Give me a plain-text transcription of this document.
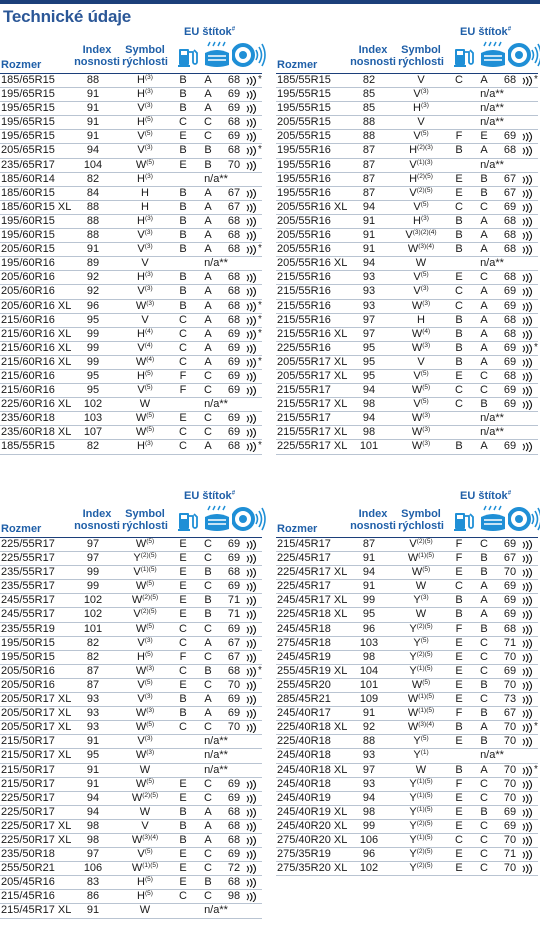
Technické údaje
EU štítok#
Rozmer
Index
nosnosti
Symbol
rýchlosti
185/65R15	88	$H^{(3)}$	B	A	68	*
195/65R15	91	$H^{(3)}$	B	A	69
195/65R15	91	$V^{(3)}$	B	A	69
195/65R15	91	$H^{(5)}$	C	C	68
195/65R15	91	$V^{(5)}$	E	C	69
205/65R15	94	$V^{(3)}$	B	B	68	*
235/65R17	104	$W^{(5)}$	E	B	70
185/60R14	82	$H^{(3)}$	n/a**
185/60R15	84	H	B	A	67
185/60R15 XL	88	H	B	A	67
195/60R15	88	$H^{(3)}$	B	A	68
195/60R15	88	$V^{(3)}$	B	A	68
205/60R15	91	$V^{(3)}$	B	A	68	*
195/60R16	89	V	n/a**
205/60R16	92	$H^{(3)}$	B	A	68
205/60R16	92	$V^{(3)}$	B	A	68
205/60R16 XL	96	$W^{(3)}$	B	A	68	*
215/60R16	95	V	C	A	68	*
215/60R16 XL	99	$H^{(4)}$	C	A	69	*
215/60R16 XL	99	$V^{(4)}$	C	A	69
215/60R16 XL	99	$W^{(4)}$	C	A	69	*
215/60R16	95	$H^{(5)}$	F	C	69
215/60R16	95	$V^{(5)}$	F	C	69
225/60R16 XL	102	W	n/a**
235/60R18	103	$W^{(5)}$	E	C	69
235/60R18 XL	107	$W^{(5)}$	C	C	69
185/55R15	82	$H^{(3)}$	C	A	68	*
EU štítok#
Rozmer
Index
nosnosti
Symbol
rýchlosti
185/55R15	82	V	C	A	68	*
195/55R15	85	$V^{(3)}$	n/a**
195/55R15	85	$H^{(3)}$	n/a**
205/55R15	88	V	n/a**
205/55R15	88	$V^{(5)}$	F	E	69
195/55R16	87	$H^{(2)(3)}$	B	A	68
195/55R16	87	$V^{(1)(3)}$	n/a**
195/55R16	87	$H^{(2)(5)}$	E	B	67
195/55R16	87	$V^{(2)(5)}$	E	B	67
205/55R16 XL	94	$V^{(5)}$	C	C	69
205/55R16	91	$H^{(3)}$	B	A	68
205/55R16	91	$V^{(3)(2)(4)}$	B	A	68
205/55R16	91	$W^{(3)(4)}$	B	A	68
205/55R16 XL	94	W	n/a**
215/55R16	93	$V^{(5)}$	E	C	68
215/55R16	93	$V^{(3)}$	C	A	69
215/55R16	93	$W^{(3)}$	C	A	69
215/55R16	97	H	B	A	68
215/55R16 XL	97	$W^{(4)}$	B	A	68
225/55R16	95	$W^{(3)}$	B	A	69	*
205/55R17 XL	95	V	B	A	69
205/55R17 XL	95	$V^{(5)}$	E	C	68
215/55R17	94	$W^{(5)}$	C	C	69
215/55R17 XL	98	$V^{(5)}$	C	B	69
215/55R17	94	$W^{(3)}$	n/a**
215/55R17 XL	98	$W^{(3)}$	n/a**
225/55R17 XL	101	$W^{(3)}$	B	A	69
EU štítok#
Rozmer
Index
nosnosti
Symbol
rýchlosti
225/55R17	97	$W^{(5)}$	E	C	69
225/55R17	97	$Y^{(2)(5)}$	E	C	69
235/55R17	99	$V^{(1)(5)}$	E	B	68
235/55R17	99	$W^{(5)}$	E	C	69
245/55R17	102	$W^{(2)(5)}$	E	B	71
245/55R17	102	$V^{(2)(5)}$	E	B	71
235/55R19	101	$W^{(5)}$	C	C	69
195/50R15	82	$V^{(3)}$	C	A	67
195/50R15	82	$H^{(5)}$	F	C	67
205/50R16	87	$W^{(3)}$	C	B	68	*
205/50R16	87	$V^{(5)}$	E	C	70
205/50R17 XL	93	$V^{(3)}$	B	A	69
205/50R17 XL	93	$W^{(3)}$	B	A	69
205/50R17 XL	93	$W^{(5)}$	C	C	70
215/50R17	91	$V^{(3)}$	n/a**
215/50R17 XL	95	$W^{(3)}$	n/a**
215/50R17	91	W	n/a**
215/50R17	91	$W^{(5)}$	E	C	69
225/50R17	94	$W^{(2)(5)}$	E	C	69
225/50R17	94	W	B	A	68
225/50R17 XL	98	V	B	A	68
225/50R17 XL	98	$W^{(3)(4)}$	B	A	68
235/50R18	97	$V^{(5)}$	E	C	69
255/50R21	106	$W^{(1)(5)}$	E	C	72
205/45R16	83	$H^{(5)}$	E	B	68
215/45R16	86	$H^{(5)}$	C	C	98
215/45R17 XL	91	W	n/a**
EU štítok#
Rozmer
Index
nosnosti
Symbol
rýchlosti
215/45R17	87	$V^{(2)(5)}$	F	C	69
225/45R17	91	$W^{(1)(5)}$	F	B	67
225/45R17 XL	94	$W^{(5)}$	E	B	70
225/45R17	91	W	C	A	69
245/45R17 XL	99	$Y^{(3)}$	B	A	69
225/45R18 XL	95	W	B	A	69
245/45R18	96	$Y^{(2)(5)}$	F	B	68
275/45R18	103	$Y^{(5)}$	E	C	71
245/45R19	98	$Y^{(2)(5)}$	E	C	70
255/45R19 XL	104	$Y^{(1)(5)}$	E	C	69
255/45R20	101	$W^{(5)}$	E	B	70
285/45R21	109	$W^{(1)(5)}$	E	C	73
245/40R17	91	$W^{(1)(5)}$	F	B	67
225/40R18 XL	92	$W^{(3)(4)}$	B	A	70	*
225/40R18	88	$Y^{(5)}$	E	B	70
245/40R18	93	$Y^{(1)}$	n/a**
245/40R18 XL	97	W	B	A	70	*
245/40R18	93	$Y^{(1)(5)}$	F	C	70
245/40R19	94	$Y^{(1)(5)}$	E	C	70
245/40R19 XL	98	$Y^{(1)(5)}$	E	B	69
245/40R20 XL	99	$Y^{(2)(5)}$	E	C	69
275/40R20 XL	106	$Y^{(1)(5)}$	C	C	70
275/35R19	96	$Y^{(2)(5)}$	E	C	71
275/35R20 XL	102	$Y^{(2)(5)}$	E	C	70
